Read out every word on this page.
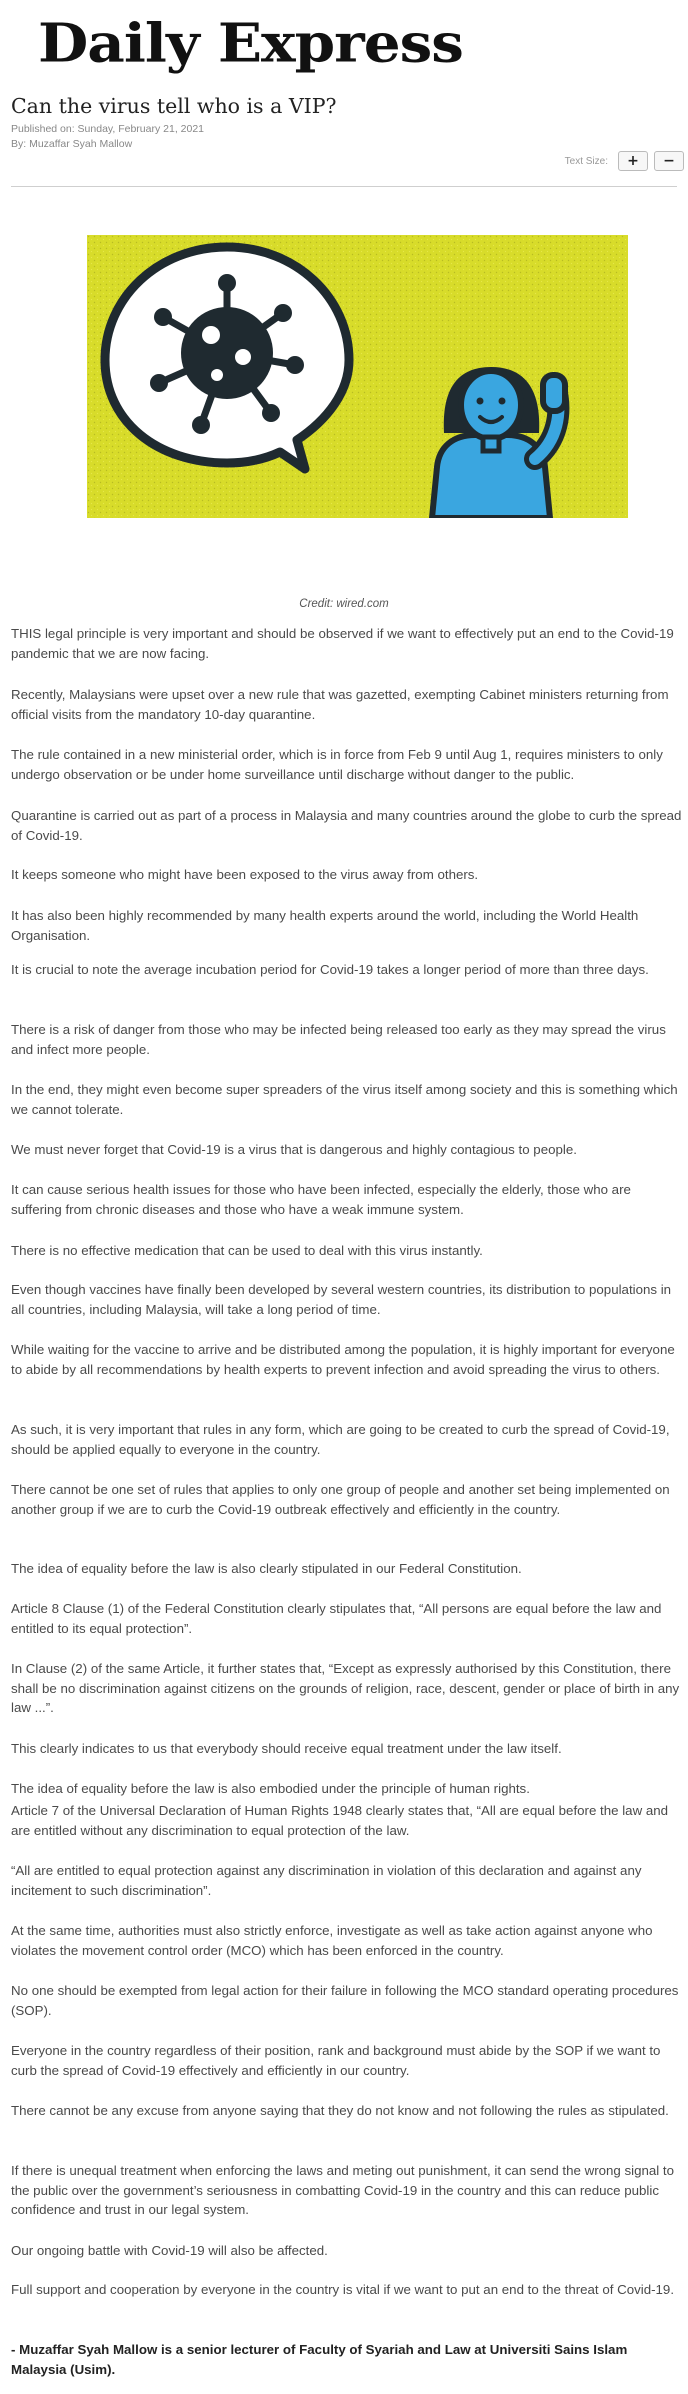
Daily Express
Can the virus tell who is a VIP?
Published on: Sunday, February 21, 2021
By: Muzaffar Syah Mallow
Text Size:	+	−
Credit: wired.com

THIS legal principle is very important and should be observed if we want to effectively put an end to the Covid-19 pandemic that we are now facing.

Recently, Malaysians were upset over a new rule that was gazetted, exempting Cabinet ministers returning from official visits from the mandatory 10-day quarantine.

The rule contained in a new ministerial order, which is in force from Feb 9 until Aug 1, requires ministers to only undergo observation or be under home surveillance until discharge without danger to the public.

Quarantine is carried out as part of a process in Malaysia and many countries around the globe to curb the spread of Covid-19.

It keeps someone who might have been exposed to the virus away from others.

It has also been highly recommended by many health experts around the world, including the World Health Organisation.

It is crucial to note the average incubation period for Covid-19 takes a longer period of more than three days.

There is a risk of danger from those who may be infected being released too early as they may spread the virus and infect more people.

In the end, they might even become super spreaders of the virus itself among society and this is something which we cannot tolerate.

We must never forget that Covid-19 is a virus that is dangerous and highly contagious to people.

It can cause serious health issues for those who have been infected, especially the elderly, those who are suffering from chronic diseases and those who have a weak immune system.

There is no effective medication that can be used to deal with this virus instantly.

Even though vaccines have finally been developed by several western countries, its distribution to populations in all countries, including Malaysia, will take a long period of time.

While waiting for the vaccine to arrive and be distributed among the population, it is highly important for everyone to abide by all recommendations by health experts to prevent infection and avoid spreading the virus to others.

As such, it is very important that rules in any form, which are going to be created to curb the spread of Covid-19, should be applied equally to everyone in the country.

There cannot be one set of rules that applies to only one group of people and another set being implemented on another group if we are to curb the Covid-19 outbreak effectively and efficiently in the country.

The idea of equality before the law is also clearly stipulated in our Federal Constitution.

Article 8 Clause (1) of the Federal Constitution clearly stipulates that, “All persons are equal before the law and entitled to its equal protection”.

In Clause (2) of the same Article, it further states that, “Except as expressly authorised by this Constitution, there shall be no discrimination against citizens on the grounds of religion, race, descent, gender or place of birth in any law ...”.

This clearly indicates to us that everybody should receive equal treatment under the law itself.

The idea of equality before the law is also embodied under the principle of human rights.

Article 7 of the Universal Declaration of Human Rights 1948 clearly states that, “All are equal before the law and are entitled without any discrimination to equal protection of the law.

“All are entitled to equal protection against any discrimination in violation of this declaration and against any incitement to such discrimination”.

At the same time, authorities must also strictly enforce, investigate as well as take action against anyone who violates the movement control order (MCO) which has been enforced in the country.

No one should be exempted from legal action for their failure in following the MCO standard operating procedures (SOP).

Everyone in the country regardless of their position, rank and background must abide by the SOP if we want to curb the spread of Covid-19 effectively and efficiently in our country.

There cannot be any excuse from anyone saying that they do not know and not following the rules as stipulated.

If there is unequal treatment when enforcing the laws and meting out punishment, it can send the wrong signal to the public over the government’s seriousness in combatting Covid-19 in the country and this can reduce public confidence and trust in our legal system.

Our ongoing battle with Covid-19 will also be affected.

Full support and cooperation by everyone in the country is vital if we want to put an end to the threat of Covid-19.

- Muzaffar Syah Mallow is a senior lecturer of Faculty of Syariah and Law at Universiti Sains Islam Malaysia (Usim).
